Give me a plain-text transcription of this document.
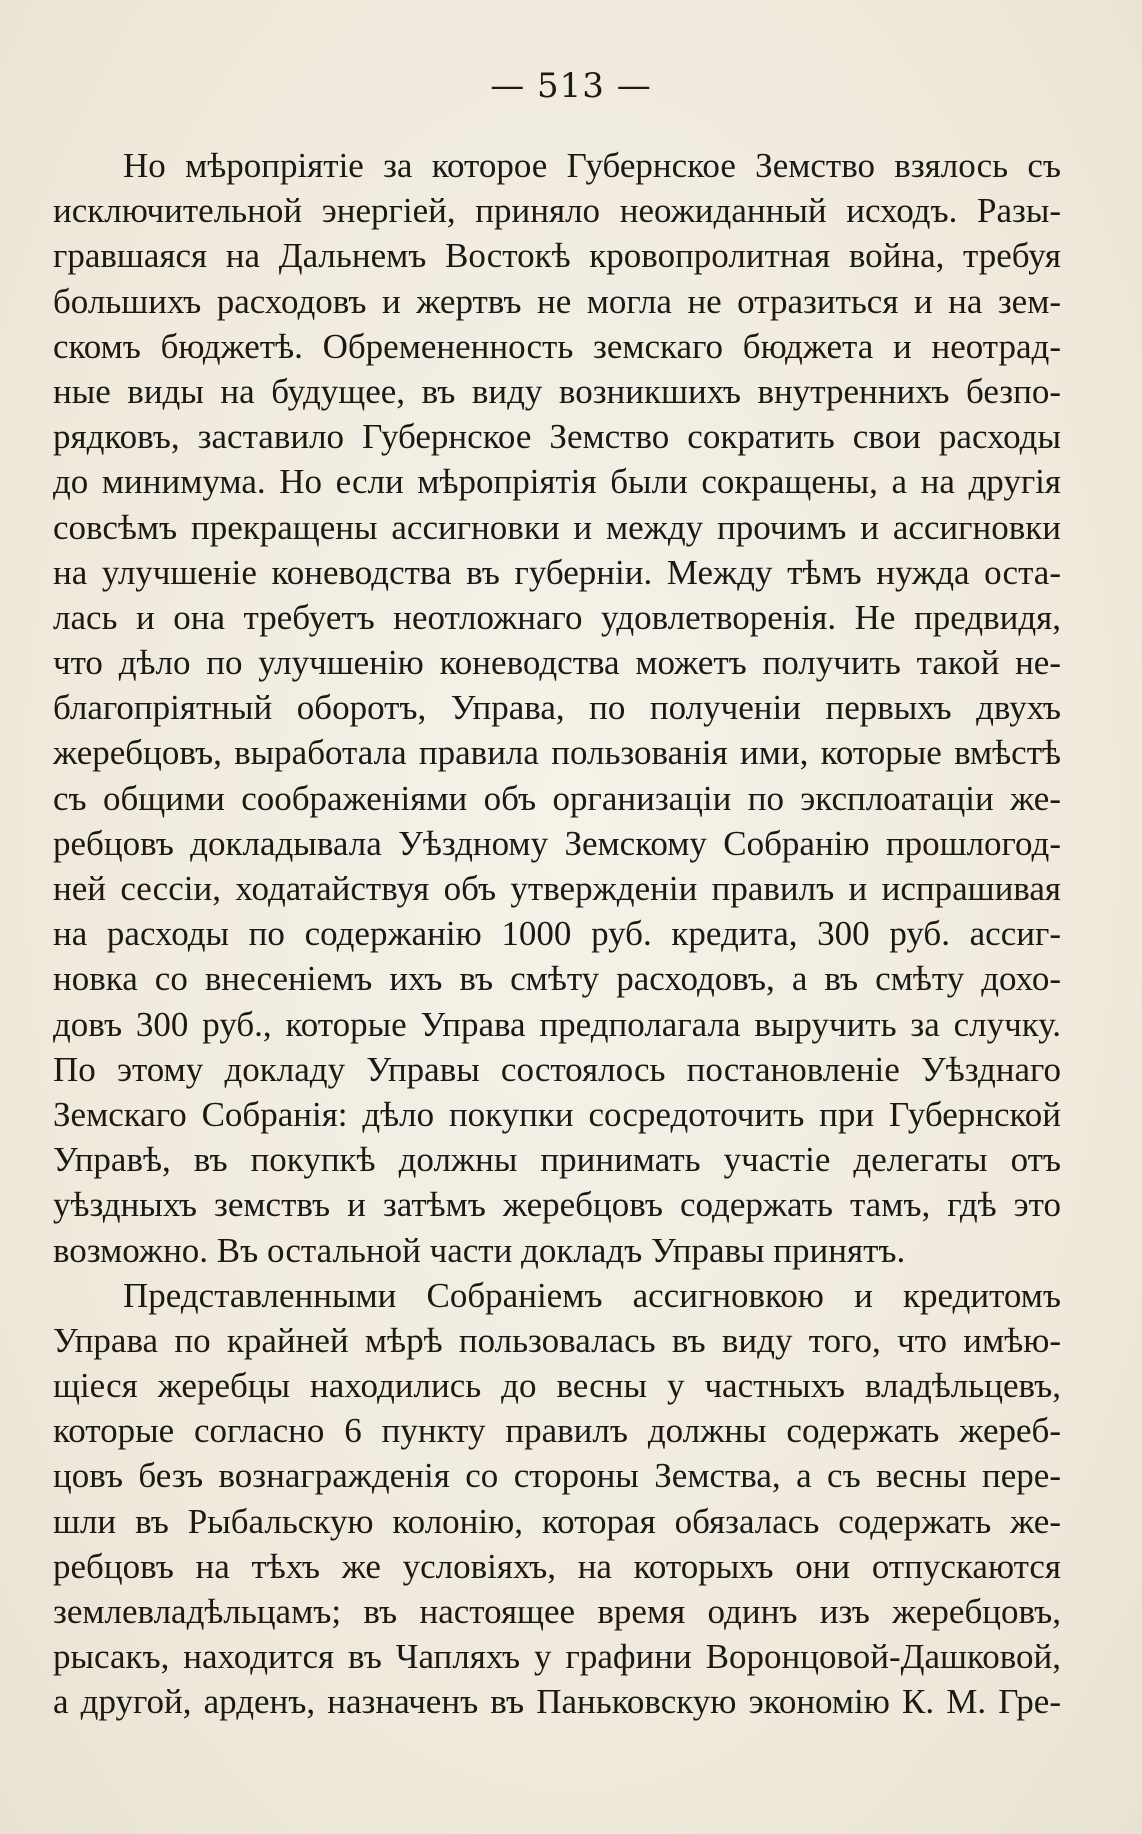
— 513 —
Но мѣропріятіе за которое Губернское Земство взялось съ
исключительной энергіей, приняло неожиданный исходъ. Разы-
гравшаяся на Дальнемъ Востокѣ кровопролитная война, требуя
большихъ расходовъ и жертвъ не могла не отразиться и на зем-
скомъ бюджетѣ. Обремененность земскаго бюджета и неотрад-
ные виды на будущее, въ виду возникшихъ внутреннихъ безпо-
рядковъ, заставило Губернское Земство сократить свои расходы
до минимума. Но если мѣропріятія были сокращены, а на другія
совсѣмъ прекращены ассигновки и между прочимъ и ассигновки
на улучшеніе коневодства въ губерніи. Между тѣмъ нужда оста-
лась и она требуетъ неотложнаго удовлетворенія. Не предвидя,
что дѣло по улучшенію коневодства можетъ получить такой не-
благопріятный оборотъ, Управа, по полученіи первыхъ двухъ
жеребцовъ, выработала правила пользованія ими, которые вмѣстѣ
съ общими соображеніями объ организаціи по эксплоатаціи же-
ребцовъ докладывала Уѣздному Земскому Собранію прошлогод-
ней сессіи, ходатайствуя объ утвержденіи правилъ и испрашивая
на расходы по содержанію 1000 руб. кредита, 300 руб. ассиг-
новка со внесеніемъ ихъ въ смѣту расходовъ, а въ смѣту дохо-
довъ 300 руб., которые Управа предполагала выручить за случку.
По этому докладу Управы состоялось постановленіе Уѣзднаго
Земскаго Собранія: дѣло покупки сосредоточить при Губернской
Управѣ, въ покупкѣ должны принимать участіе делегаты отъ
уѣздныхъ земствъ и затѣмъ жеребцовъ содержать тамъ, гдѣ это
возможно. Въ остальной части докладъ Управы принятъ.
Представленными Собраніемъ ассигновкою и кредитомъ
Управа по крайней мѣрѣ пользовалась въ виду того, что имѣю-
щіеся жеребцы находились до весны у частныхъ владѣльцевъ,
которые согласно 6 пункту правилъ должны содержать жереб-
цовъ безъ вознагражденія со стороны Земства, а съ весны пере-
шли въ Рыбальскую колонію, которая обязалась содержать же-
ребцовъ на тѣхъ же условіяхъ, на которыхъ они отпускаются
землевладѣльцамъ; въ настоящее время одинъ изъ жеребцовъ,
рысакъ, находится въ Чапляхъ у графини Воронцовой-Дашковой,
а другой, арденъ, назначенъ въ Паньковскую экономію К. М. Гре-
